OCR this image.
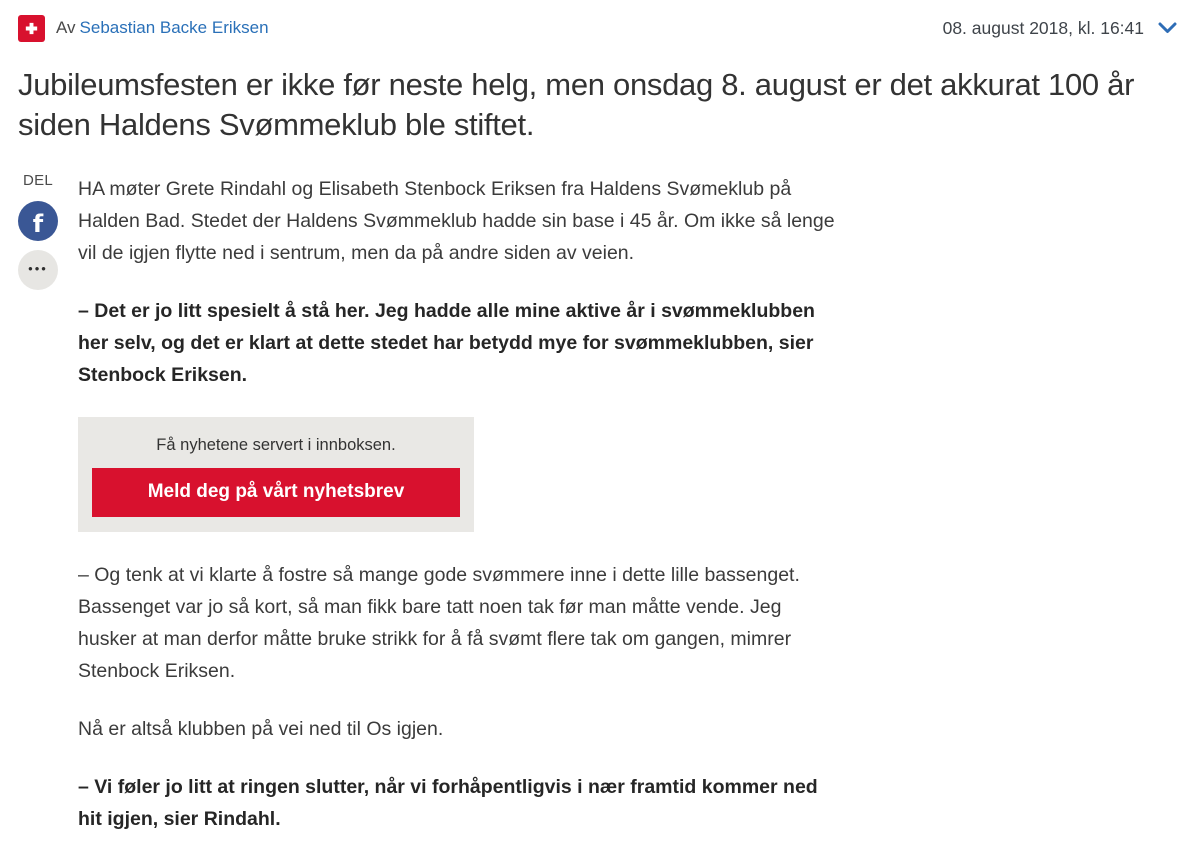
Av Sebastian Backe Eriksen	08. august 2018, kl. 16:41
Jubileumsfesten er ikke før neste helg, men onsdag 8. august er det akkurat 100 år siden Haldens Svømmeklub ble stiftet.
DEL
f
•••

HA møter Grete Rindahl og Elisabeth Stenbock Eriksen fra Haldens Svømeklub på Halden Bad. Stedet der Haldens Svømmeklub hadde sin base i 45 år. Om ikke så lenge vil de igjen flytte ned i sentrum, men da på andre siden av veien.

– Det er jo litt spesielt å stå her. Jeg hadde alle mine aktive år i svømmeklubben her selv, og det er klart at dette stedet har betydd mye for svømmeklubben, sier Stenbock Eriksen.

Få nyhetene servert i innboksen.
Meld deg på vårt nyhetsbrev

– Og tenk at vi klarte å fostre så mange gode svømmere inne i dette lille bassenget. Bassenget var jo så kort, så man fikk bare tatt noen tak før man måtte vende. Jeg husker at man derfor måtte bruke strikk for å få svømt flere tak om gangen, mimrer Stenbock Eriksen.

Nå er altså klubben på vei ned til Os igjen.

– Vi føler jo litt at ringen slutter, når vi forhåpentligvis i nær framtid kommer ned hit igjen, sier Rindahl.
